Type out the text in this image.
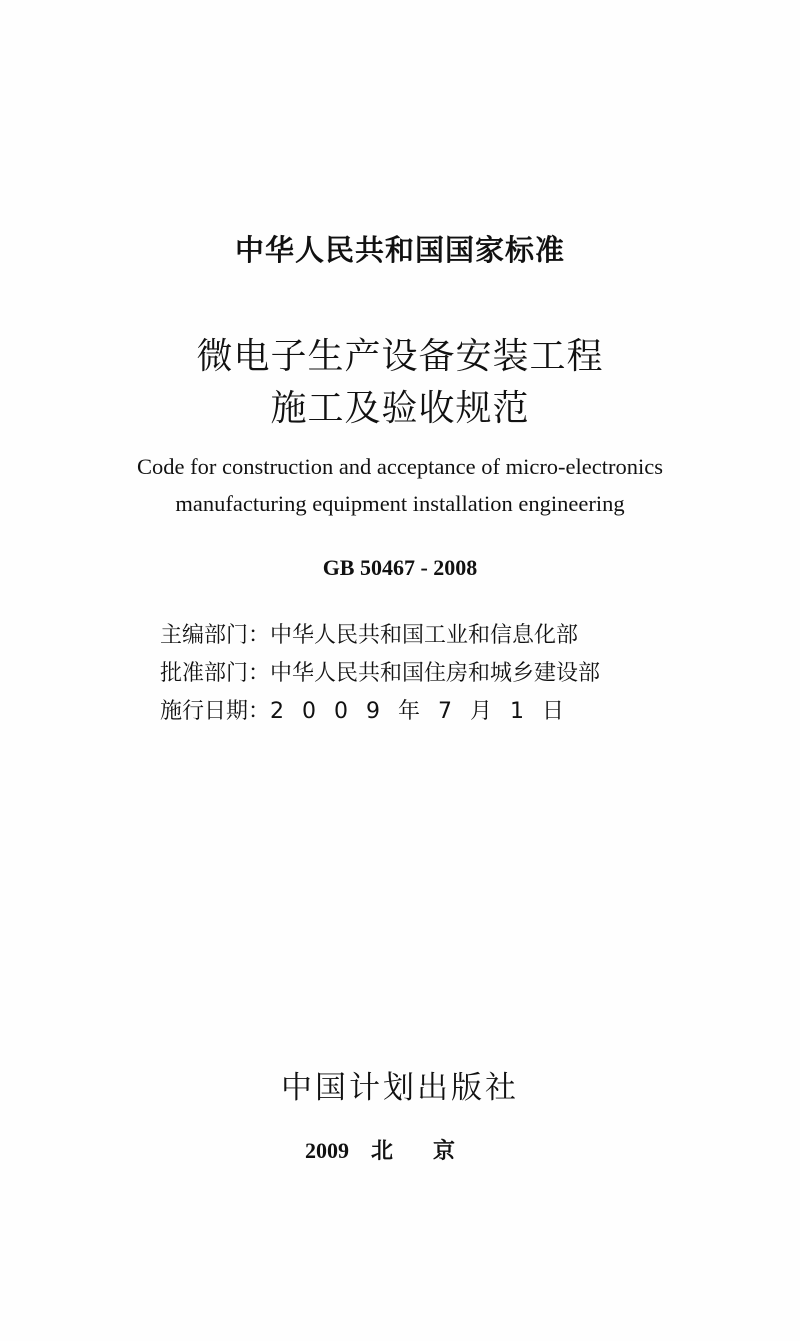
中华人民共和国国家标准
微电子生产设备安装工程
施工及验收规范
Code for construction and acceptance of micro-electronics
manufacturing equipment installation engineering
GB 50467 - 2008
主编部门：中华人民共和国工业和信息化部
批准部门：中华人民共和国住房和城乡建设部
施行日期：2009年7月1日
中国计划出版社
2009 北京
